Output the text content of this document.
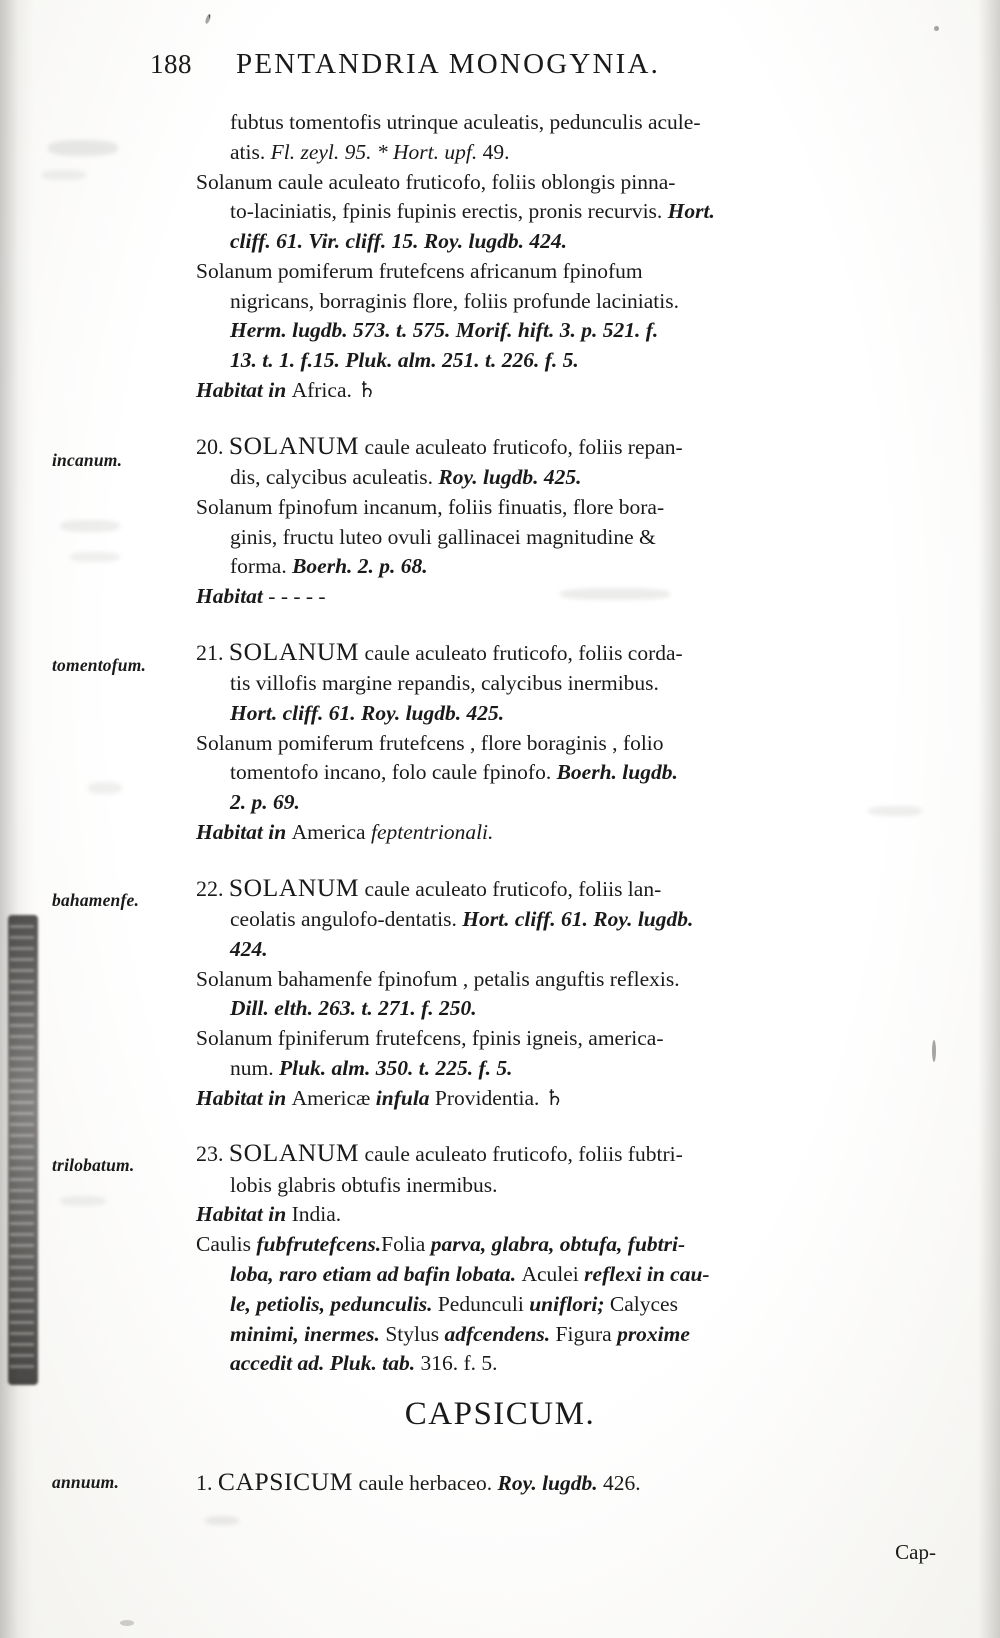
188 PENTANDRIA MONOGYNIA.
fubtus tomentofis utrinque aculeatis, pedunculis acule-
atis. Fl. zeyl. 95. * Hort. upf. 49.
Solanum caule aculeato fruticofo, foliis oblongis pinna-
to-laciniatis, fpinis fupinis erectis, pronis recurvis. Hort.
cliff. 61. Vir. cliff. 15. Roy. lugdb. 424.
Solanum pomiferum frutefcens africanum fpinofum
nigricans, borraginis flore, foliis profunde laciniatis.
Herm. lugdb. 573. t. 575. Morif. hift. 3. p. 521. f.
13. t. 1. f.15. Pluk. alm. 251. t. 226. f. 5.
Habitat in Africa. ♄
20. SOLANUM caule aculeato fruticofo, foliis repan-
dis, calycibus aculeatis. Roy. lugdb. 425.
Solanum fpinofum incanum, foliis finuatis, flore bora-
ginis, fructu luteo ovuli gallinacei magnitudine &
forma. Boerh. 2. p. 68.
Habitat - - - - -
21. SOLANUM caule aculeato fruticofo, foliis corda-
tis villofis margine repandis, calycibus inermibus.
Hort. cliff. 61. Roy. lugdb. 425.
Solanum pomiferum frutefcens , flore boraginis , folio
tomentofo incano, folo caule fpinofo. Boerh. lugdb.
2. p. 69.
Habitat in America feptentrionali.
22. SOLANUM caule aculeato fruticofo, foliis lan-
ceolatis angulofo-dentatis. Hort. cliff. 61. Roy. lugdb.
424.
Solanum bahamenfe fpinofum , petalis anguftis reflexis.
Dill. elth. 263. t. 271. f. 250.
Solanum fpiniferum frutefcens, fpinis igneis, america-
num. Pluk. alm. 350. t. 225. f. 5.
Habitat in Americæ infula Providentia. ♄
23. SOLANUM caule aculeato fruticofo, foliis fubtri-
lobis glabris obtufis inermibus.
Habitat in India.
Caulis fubfrutefcens.Folia parva, glabra, obtufa, fubtri-
loba, raro etiam ad bafin lobata. Aculei reflexi in cau-
le, petiolis, pedunculis. Pedunculi uniflori; Calyces
minimi, inermes. Stylus adfcendens. Figura proxime
accedit ad. Pluk. tab. 316. f. 5.
CAPSICUM.
1. CAPSICUM caule herbaceo. Roy. lugdb. 426.
incanum.
tomentofum.
bahamenfe.
trilobatum.
annuum.
Cap-
'
